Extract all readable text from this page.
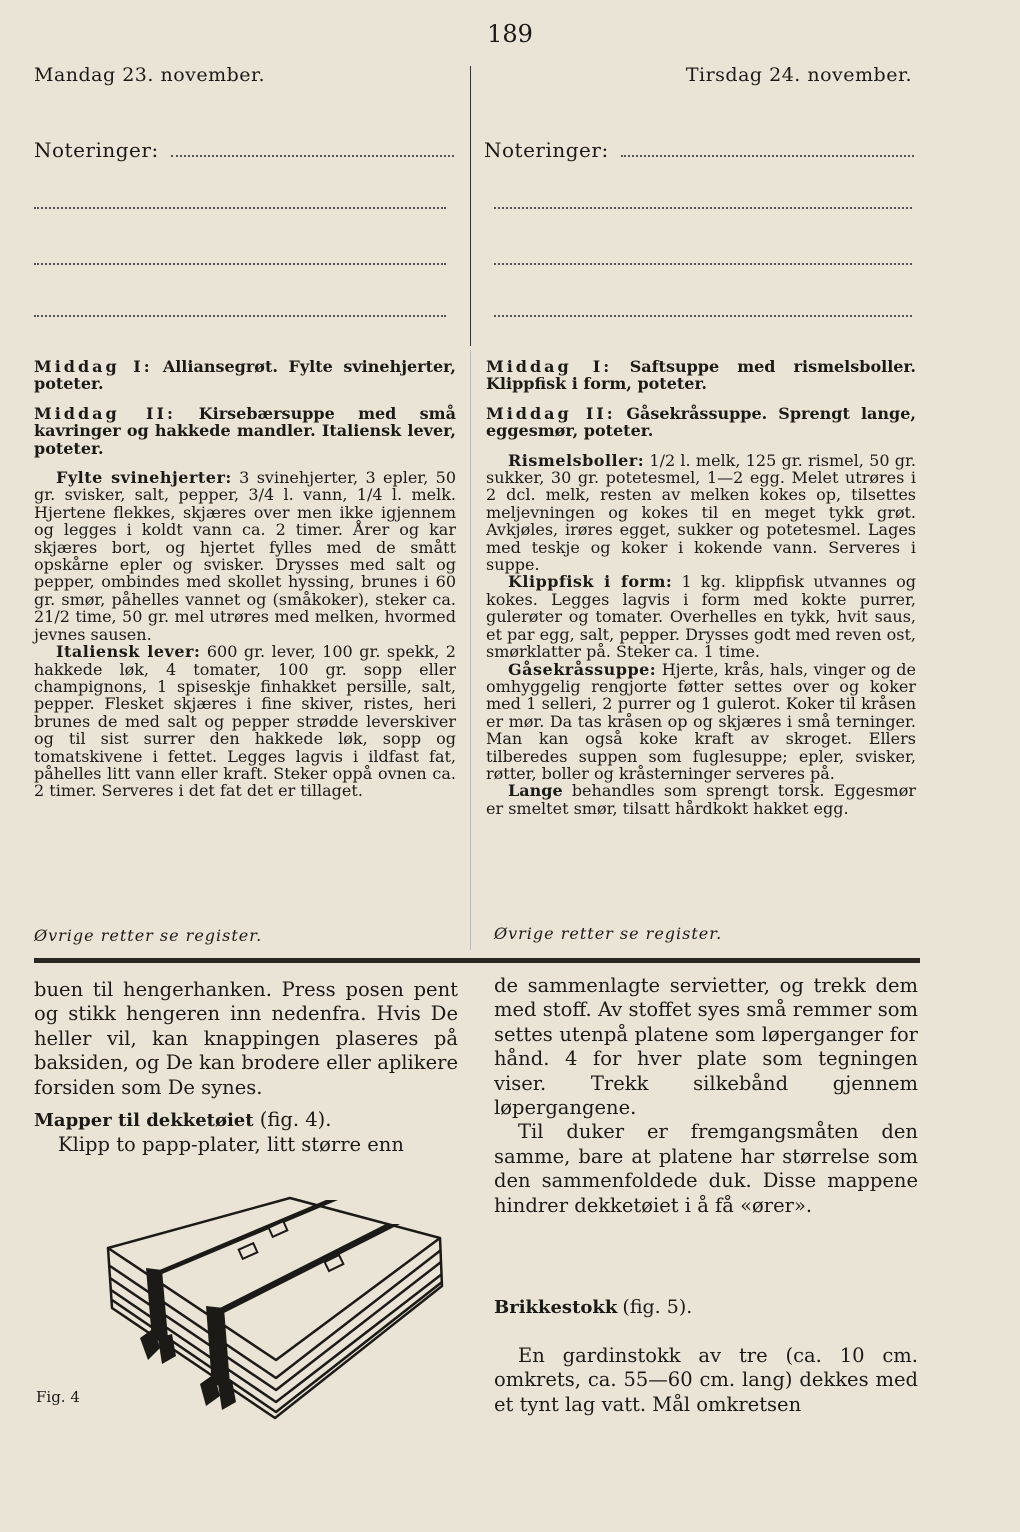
189
Mandag 23. november.	Tirsdag 24. november.
Noteringer:	Noteringer:

Middag I: Alliansegrøt. Fylte svinehjerter, poteter.

Middag II: Kirsebærsuppe med små kavringer og hakkede mandler. Italiensk lever, poteter.

Fylte svinehjerter: 3 svinehjerter, 3 epler, 50 gr. svisker, salt, pepper, 3/4 l. vann, 1/4 l. melk. Hjertene flekkes, skjæres over men ikke igjennem og legges i koldt vann ca. 2 timer. Årer og kar skjæres bort, og hjertet fylles med de smått opskårne epler og svisker. Drysses med salt og pepper, ombindes med skollet hyssing, brunes i 60 gr. smør, påhelles vannet og (småkoker), steker ca. 21/2 time, 50 gr. mel utrøres med melken, hvormed jevnes sausen.

Italiensk lever: 600 gr. lever, 100 gr. spekk, 2 hakkede løk, 4 tomater, 100 gr. sopp eller champignons, 1 spiseskje finhakket persille, salt, pepper. Flesket skjæres i fine skiver, ristes, heri brunes de med salt og pepper strødde leverskiver og til sist surrer den hakkede løk, sopp og tomatskivene i fettet. Legges lagvis i ildfast fat, påhelles litt vann eller kraft. Steker oppå ovnen ca. 2 timer. Serveres i det fat det er tillaget.

Øvrige retter se register.

Middag I: Saftsuppe med rismelsboller. Klippfisk i form, poteter.

Middag II: Gåsekråssuppe. Sprengt lange, eggesmør, poteter.

Rismelsboller: 1/2 l. melk, 125 gr. rismel, 50 gr. sukker, 30 gr. potetesmel, 1—2 egg. Melet utrøres i 2 dcl. melk, resten av melken kokes op, tilsettes meljevningen og kokes til en meget tykk grøt. Avkjøles, irøres egget, sukker og potetesmel. Lages med teskje og koker i kokende vann. Serveres i suppe.

Klippfisk i form: 1 kg. klippfisk utvannes og kokes. Legges lagvis i form med kokte purrer, gulerøter og tomater. Overhelles en tykk, hvit saus, et par egg, salt, pepper. Drysses godt med reven ost, smørklatter på. Steker ca. 1 time.

Gåsekråssuppe: Hjerte, krås, hals, vinger og de omhyggelig rengjorte føtter settes over og koker med 1 selleri, 2 purrer og 1 gulerot. Koker til kråsen er mør. Da tas kråsen op og skjæres i små terninger. Man kan også koke kraft av skroget. Ellers tilberedes suppen som fuglesuppe; epler, svisker, røtter, boller og kråsterninger serveres på.

Lange behandles som sprengt torsk. Eggesmør er smeltet smør, tilsatt hårdkokt hakket egg.

Øvrige retter se register.

buen til hengerhanken. Press posen pent og stikk hengeren inn nedenfra. Hvis De heller vil, kan knappingen plaseres på baksiden, og De kan brodere eller aplikere forsiden som De synes.

Mapper til dekketøiet (fig. 4).

Klipp to papp-plater, litt større enn

Fig. 4

de sammenlagte servietter, og trekk dem med stoff. Av stoffet syes små remmer som settes utenpå platene som løperganger for hånd. 4 for hver plate som tegningen viser. Trekk silkebånd gjennem løpergangene.

Til duker er fremgangsmåten den samme, bare at platene har størrelse som den sammenfoldede duk. Disse mappene hindrer dekketøiet i å få «ører».

Brikkestokk (fig. 5).
En gardinstokk av tre (ca. 10 cm. omkrets, ca. 55—60 cm. lang) dekkes med et tynt lag vatt. Mål omkretsen
